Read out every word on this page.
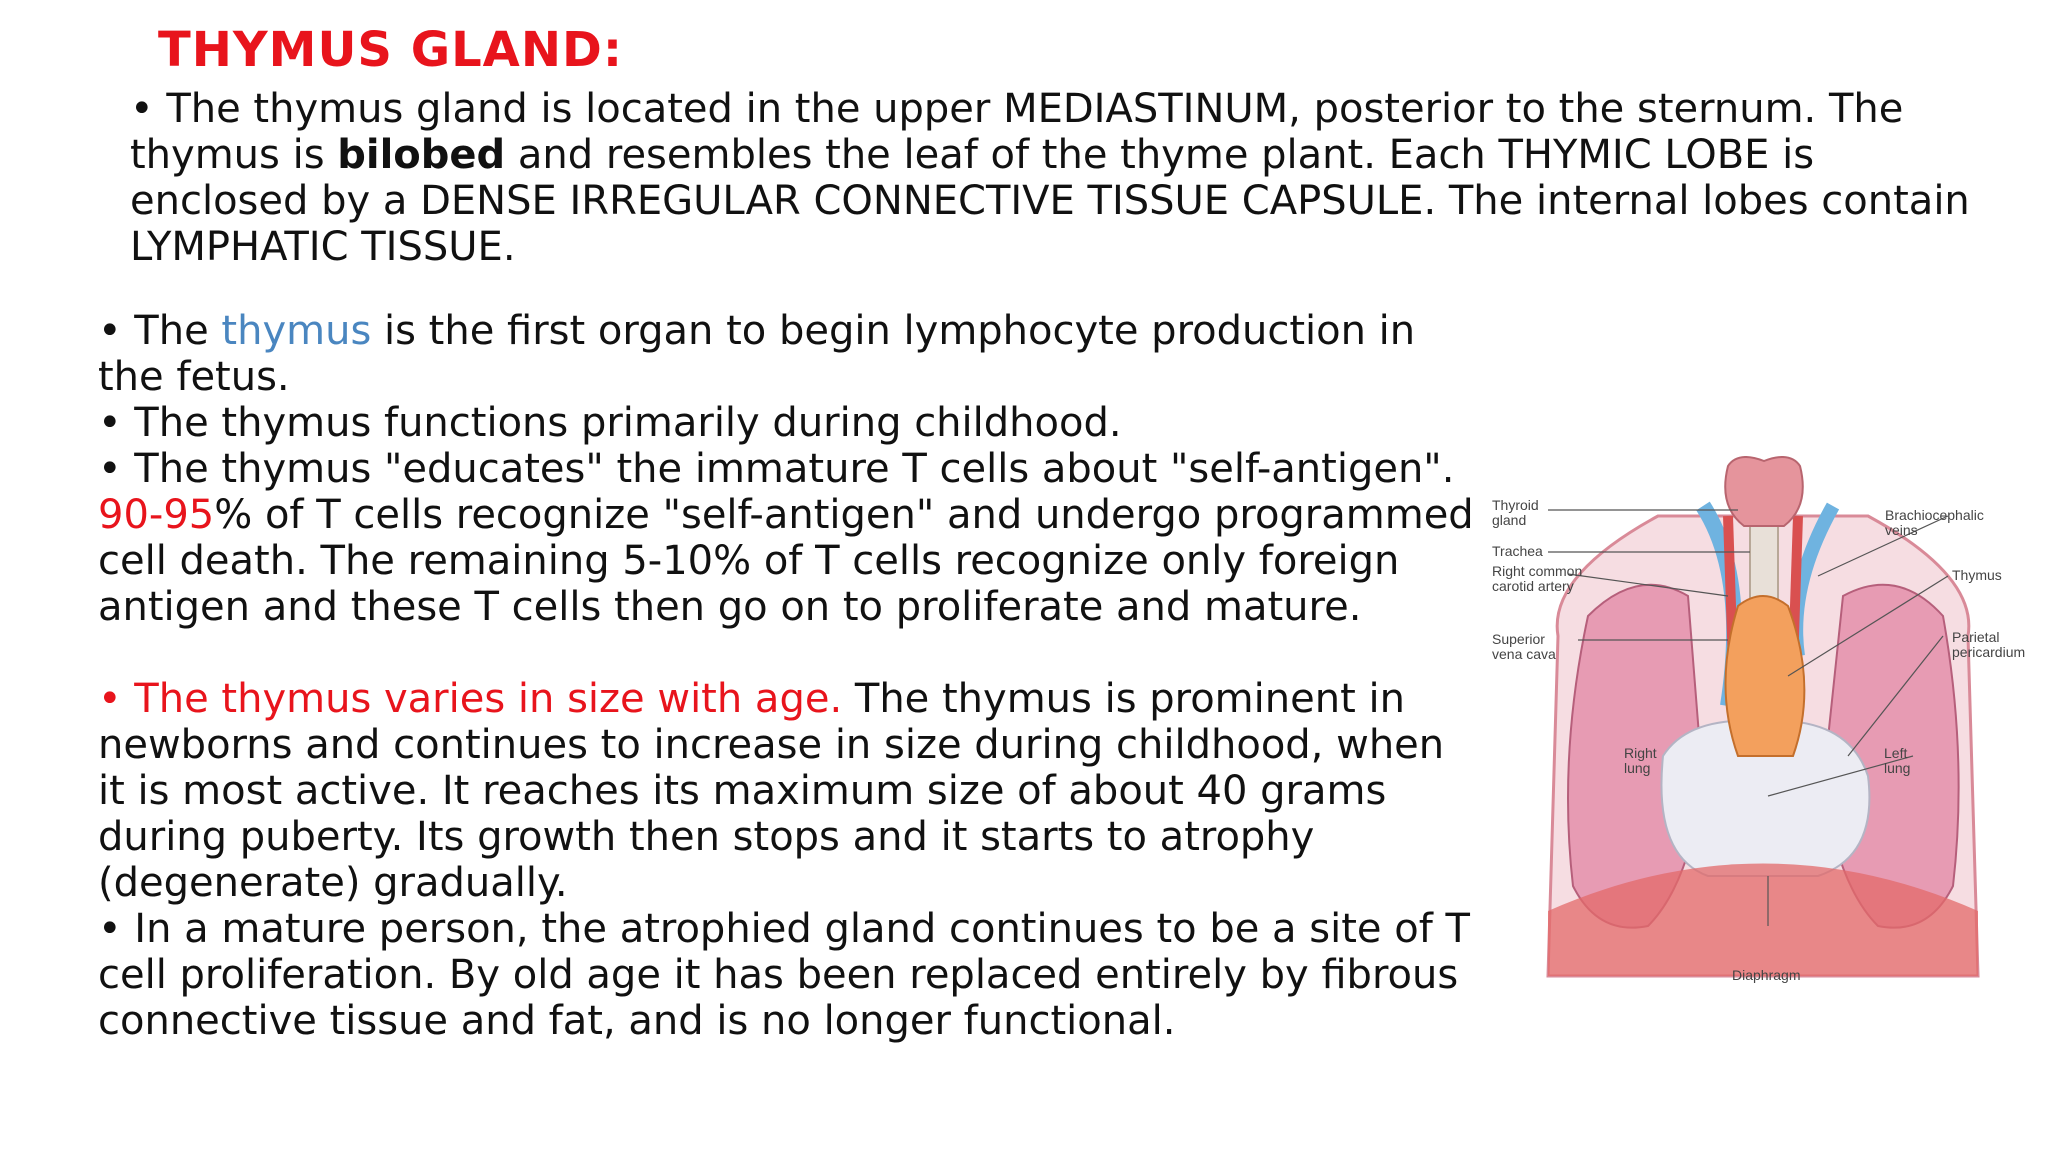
THYMUS GLAND:

• The thymus gland is located in the upper MEDIASTINUM, posterior to the sternum. The thymus is bilobed and resembles the leaf of the thyme plant. Each THYMIC LOBE is enclosed by a DENSE IRREGULAR CONNECTIVE TISSUE CAPSULE. The internal lobes contain LYMPHATIC TISSUE.

• The thymus is the first organ to begin lymphocyte production in the fetus.

• The thymus functions primarily during childhood.

• The thymus "educates" the immature T cells about "self-antigen".
90-95% of T cells recognize "self-antigen" and undergo programmed cell death. The remaining 5-10% of T cells recognize only foreign antigen and these T cells then go on to proliferate and mature.

• The thymus varies in size with age. The thymus is prominent in newborns and continues to increase in size during childhood, when it is most active. It reaches its maximum size of about 40 grams during puberty. Its growth then stops and it starts to atrophy (degenerate) gradually.

• In a mature person, the atrophied gland continues to be a site of T cell proliferation. By old age it has been replaced entirely by fibrous connective tissue and fat, and is no longer functional.

Thyroid
gland
Trachea
Right common
carotid artery
Superior
vena cava
Right
lung
Left
lung
Brachiocephalic
veins
Thymus
Parietal
pericardium
Diaphragm
